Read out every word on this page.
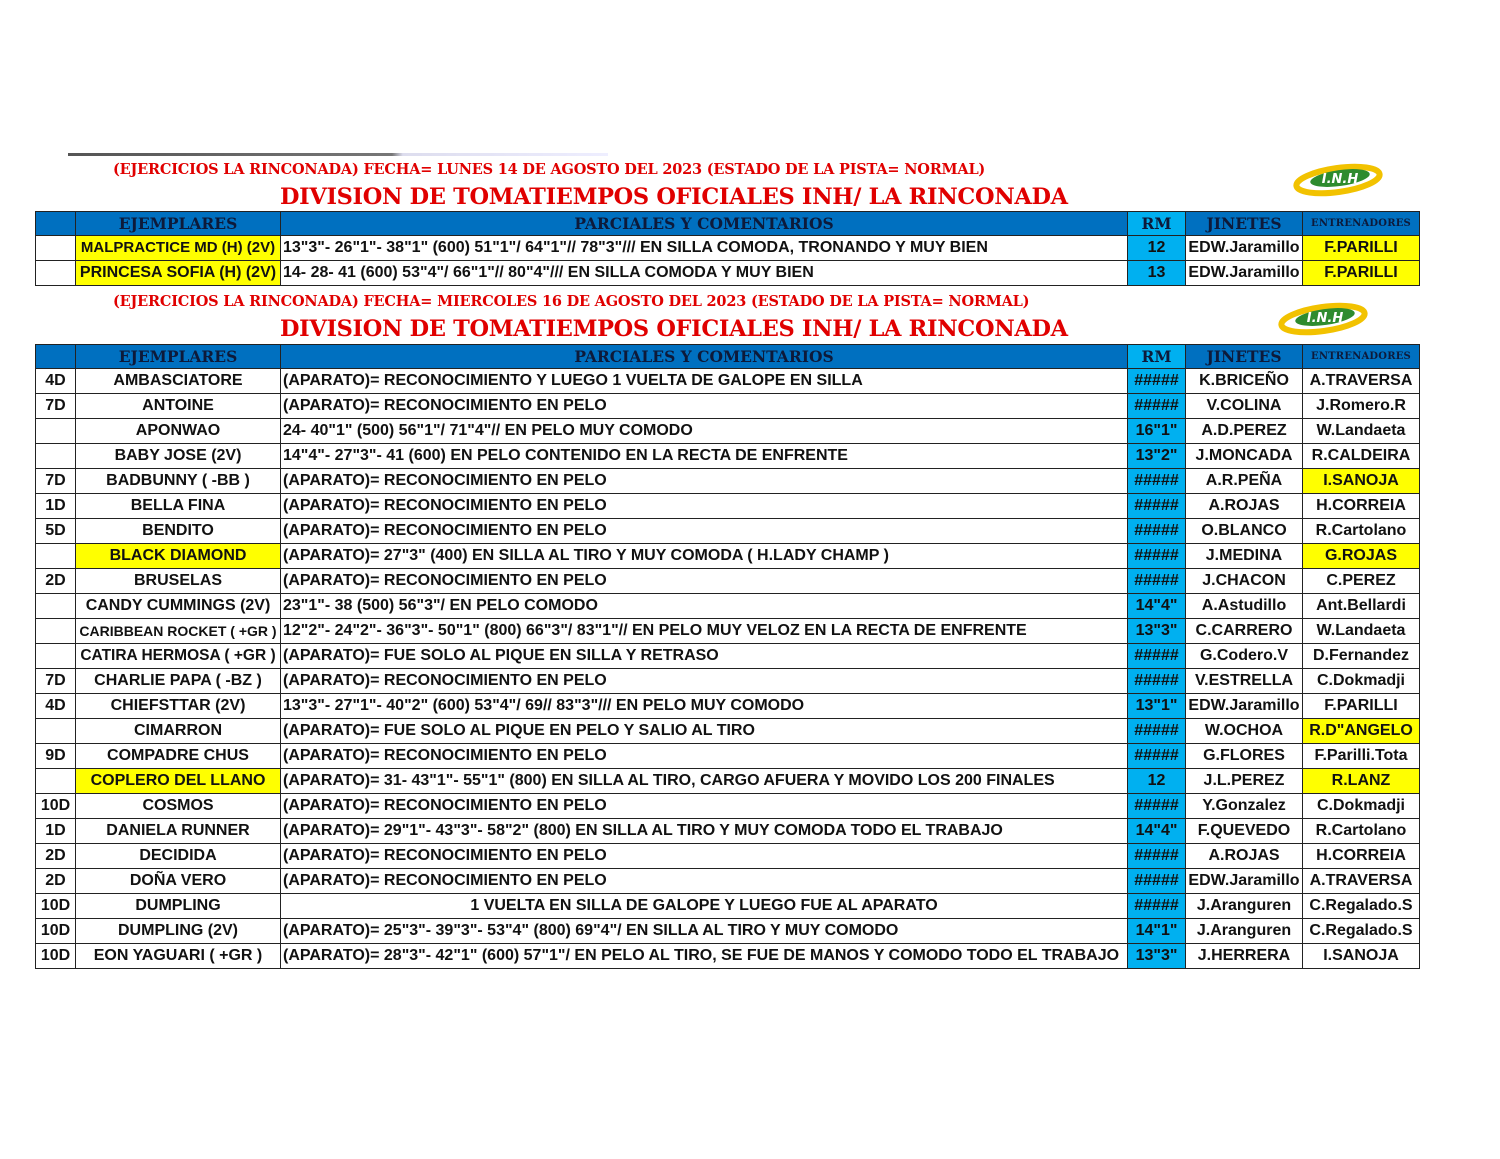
(EJERCICIOS LA RINCONADA) FECHA= LUNES 14 DE AGOSTO DEL 2023 (ESTADO DE LA PISTA= NORMAL)
DIVISION DE TOMATIEMPOS OFICIALES INH/ LA RINCONADA
I.N.H
	EJEMPLARES	PARCIALES Y COMENTARIOS	RM	JINETES	ENTRENADORES
	MALPRACTICE MD (H) (2V)	13"3"- 26"1"- 38"1" (600) 51"1"/ 64"1"// 78"3"/// EN SILLA COMODA, TRONANDO Y MUY BIEN	12	EDW.Jaramillo	F.PARILLI
	PRINCESA SOFIA (H) (2V)	14- 28- 41 (600) 53"4"/ 66"1"// 80"4"/// EN SILLA COMODA Y MUY BIEN	13	EDW.Jaramillo	F.PARILLI
(EJERCICIOS LA RINCONADA) FECHA= MIERCOLES 16 DE AGOSTO DEL 2023 (ESTADO DE LA PISTA= NORMAL)
DIVISION DE TOMATIEMPOS OFICIALES INH/ LA RINCONADA	I.N.H
	EJEMPLARES	PARCIALES Y COMENTARIOS	RM	JINETES	ENTRENADORES
4D	AMBASCIATORE	(APARATO)= RECONOCIMIENTO Y LUEGO 1 VUELTA DE GALOPE EN SILLA	#####	K.BRICEÑO	A.TRAVERSA
7D	ANTOINE	(APARATO)= RECONOCIMIENTO EN PELO	#####	V.COLINA	J.Romero.R
	APONWAO	24- 40"1" (500) 56"1"/ 71"4"// EN PELO MUY COMODO	16"1"	A.D.PEREZ	W.Landaeta
	BABY JOSE (2V)	14"4"- 27"3"- 41 (600) EN PELO CONTENIDO EN LA RECTA DE ENFRENTE	13"2"	J.MONCADA	R.CALDEIRA
7D	BADBUNNY ( -BB )	(APARATO)= RECONOCIMIENTO EN PELO	#####	A.R.PEÑA	I.SANOJA
1D	BELLA FINA	(APARATO)= RECONOCIMIENTO EN PELO	#####	A.ROJAS	H.CORREIA
5D	BENDITO	(APARATO)= RECONOCIMIENTO EN PELO	#####	O.BLANCO	R.Cartolano
	BLACK DIAMOND	(APARATO)= 27"3" (400) EN SILLA AL TIRO Y MUY COMODA ( H.LADY CHAMP )	#####	J.MEDINA	G.ROJAS
2D	BRUSELAS	(APARATO)= RECONOCIMIENTO EN PELO	#####	J.CHACON	C.PEREZ
	CANDY CUMMINGS (2V)	23"1"- 38 (500) 56"3"/ EN PELO COMODO	14"4"	A.Astudillo	Ant.Bellardi
	CARIBBEAN ROCKET ( +GR )	12"2"- 24"2"- 36"3"- 50"1" (800) 66"3"/ 83"1"// EN PELO MUY VELOZ EN LA RECTA DE ENFRENTE	13"3"	C.CARRERO	W.Landaeta
	CATIRA HERMOSA ( +GR )	(APARATO)= FUE SOLO AL PIQUE EN SILLA Y RETRASO	#####	G.Codero.V	D.Fernandez
7D	CHARLIE PAPA ( -BZ )	(APARATO)= RECONOCIMIENTO EN PELO	#####	V.ESTRELLA	C.Dokmadji
4D	CHIEFSTTAR (2V)	13"3"- 27"1"- 40"2" (600) 53"4"/ 69// 83"3"/// EN PELO MUY COMODO	13"1"	EDW.Jaramillo	F.PARILLI
	CIMARRON	(APARATO)= FUE SOLO AL PIQUE EN PELO Y SALIO AL TIRO	#####	W.OCHOA	R.D"ANGELO
9D	COMPADRE CHUS	(APARATO)= RECONOCIMIENTO EN PELO	#####	G.FLORES	F.Parilli.Tota
	COPLERO DEL LLANO	(APARATO)= 31- 43"1"- 55"1" (800) EN SILLA AL TIRO, CARGO AFUERA Y MOVIDO LOS 200 FINALES	12	J.L.PEREZ	R.LANZ
10D	COSMOS	(APARATO)= RECONOCIMIENTO EN PELO	#####	Y.Gonzalez	C.Dokmadji
1D	DANIELA RUNNER	(APARATO)= 29"1"- 43"3"- 58"2" (800) EN SILLA AL TIRO Y MUY COMODA TODO EL TRABAJO	14"4"	F.QUEVEDO	R.Cartolano
2D	DECIDIDA	(APARATO)= RECONOCIMIENTO EN PELO	#####	A.ROJAS	H.CORREIA
2D	DOÑA VERO	(APARATO)= RECONOCIMIENTO EN PELO	#####	EDW.Jaramillo	A.TRAVERSA
10D	DUMPLING	1 VUELTA EN SILLA DE GALOPE Y LUEGO FUE AL APARATO	#####	J.Aranguren	C.Regalado.S
10D	DUMPLING (2V)	(APARATO)= 25"3"- 39"3"- 53"4" (800) 69"4"/ EN SILLA AL TIRO Y MUY COMODO	14"1"	J.Aranguren	C.Regalado.S
10D	EON YAGUARI ( +GR )	(APARATO)= 28"3"- 42"1" (600) 57"1"/ EN PELO AL TIRO, SE FUE DE MANOS Y COMODO TODO EL TRABAJO	13"3"	J.HERRERA	I.SANOJA
